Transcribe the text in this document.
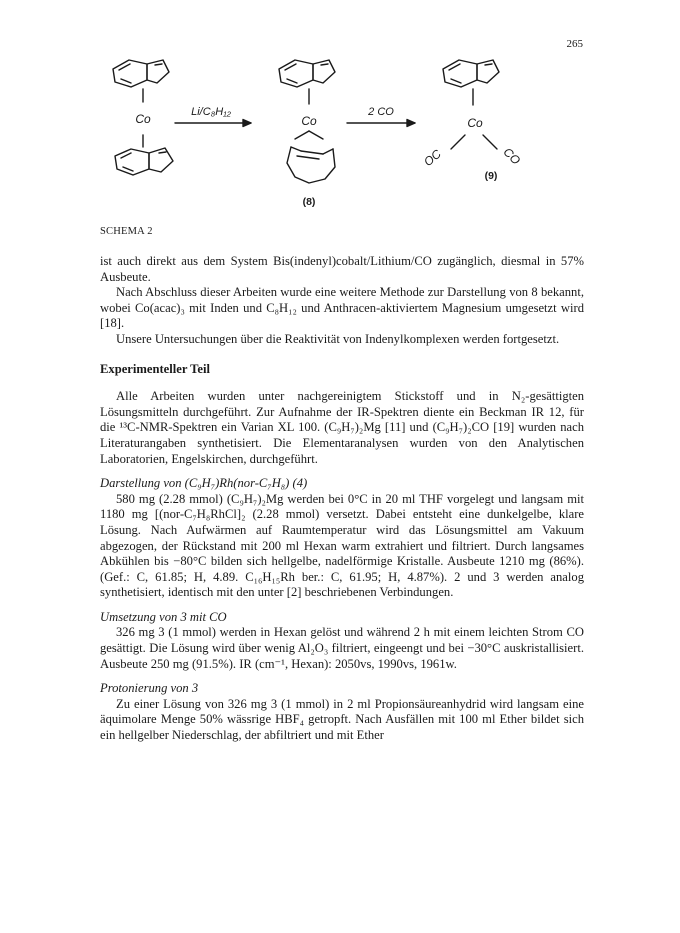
265
Co	Co	Co
OC	CO
Li/C₈H₁₂	2 CO
(8)
(9)
SCHEMA 2

ist auch direkt aus dem System Bis(indenyl)cobalt/Lithium/CO zugänglich, diesmal in 57% Ausbeute.

Nach Abschluss dieser Arbeiten wurde eine weitere Methode zur Darstellung von 8 bekannt, wobei Co(acac)₃ mit Inden und C₈H₁₂ und Anthracen-aktiviertem Magnesium umgesetzt wird [18].

Unsere Untersuchungen über die Reaktivität von Indenylkomplexen werden fortgesetzt.

Experimenteller Teil

Alle Arbeiten wurden unter nachgereinigtem Stickstoff und in N₂-gesättigten Lösungsmitteln durchgeführt. Zur Aufnahme der IR-Spektren diente ein Beckman IR 12, für die ¹³C-NMR-Spektren ein Varian XL 100. (C₉H₇)₂Mg [11] und (C₉H₇)₂CO [19] wurden nach Literaturangaben synthetisiert. Die Elementaranalysen wurden von den Analytischen Laboratorien, Engelskirchen, durchgeführt.

Darstellung von (C₉H₇)Rh(nor-C₇H₈) (4)

580 mg (2.28 mmol) (C₉H₇)₂Mg werden bei 0°C in 20 ml THF vorgelegt und langsam mit 1180 mg [(nor-C₇H₈RhCl]₂ (2.28 mmol) versetzt. Dabei entsteht eine dunkelgelbe, klare Lösung. Nach Aufwärmen auf Raumtemperatur wird das Lösungsmittel am Vakuum abgezogen, der Rückstand mit 200 ml Hexan warm extrahiert und filtriert. Durch langsames Abkühlen bis −80°C bilden sich hellgelbe, nadelförmige Kristalle. Ausbeute 1210 mg (86%). (Gef.: C, 61.85; H, 4.89. C₁₆H₁₅Rh ber.: C, 61.95; H, 4.87%). 2 und 3 werden analog synthetisiert, identisch mit den unter [2] beschriebenen Verbindungen.

Umsetzung von 3 mit CO

326 mg 3 (1 mmol) werden in Hexan gelöst und während 2 h mit einem leichten Strom CO gesättigt. Die Lösung wird über wenig Al₂O₃ filtriert, eingeengt und bei −30°C auskristallisiert. Ausbeute 250 mg (91.5%). IR (cm⁻¹, Hexan): 2050vs, 1990vs, 1961w.

Protonierung von 3

Zu einer Lösung von 326 mg 3 (1 mmol) in 2 ml Propionsäureanhydrid wird langsam eine äquimolare Menge 50% wässrige HBF₄ getropft. Nach Ausfällen mit 100 ml Ether bildet sich ein hellgelber Niederschlag, der abfiltriert und mit Ether
